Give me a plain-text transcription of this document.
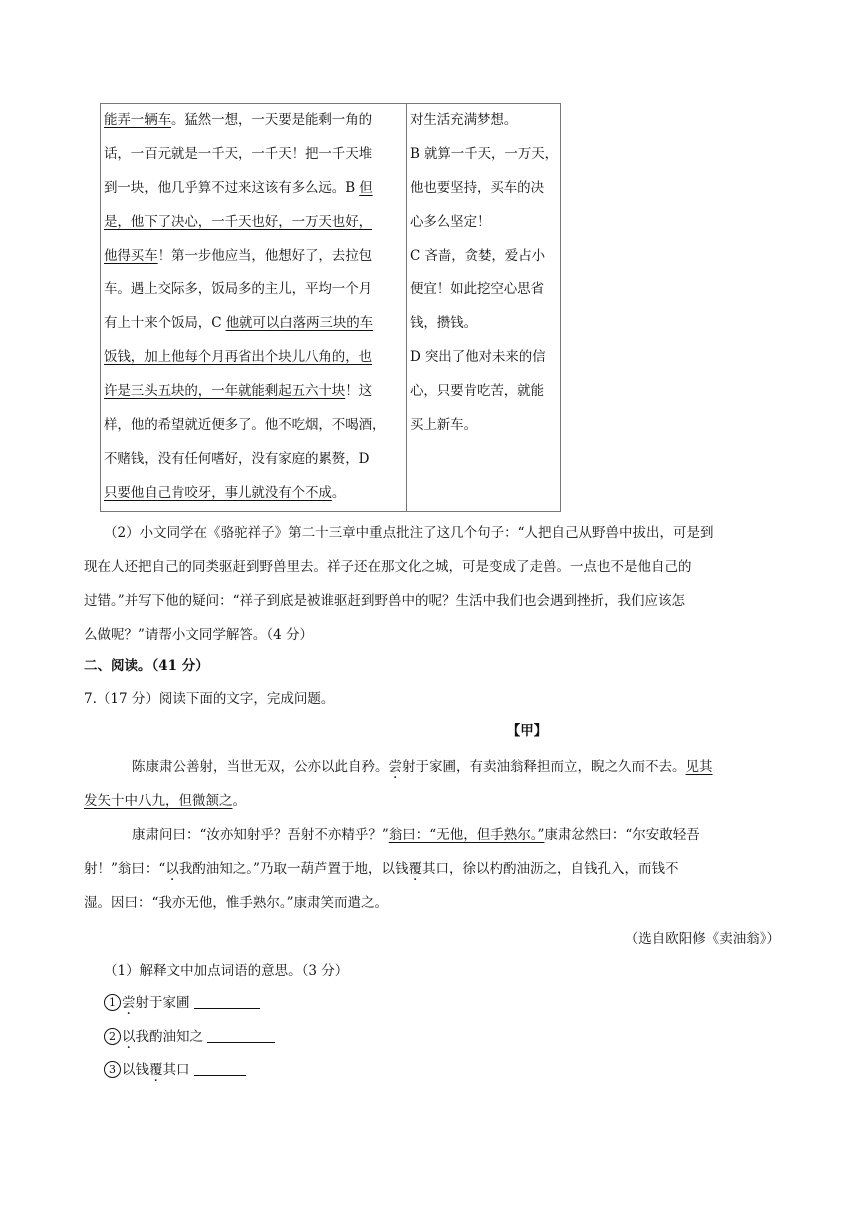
能弄一辆车。猛然一想，一天要是能剩一角的
话，一百元就是一千天，一千天！把一千天堆
到一块，他几乎算不过来这该有多么远。B 但
是，他下了决心，一千天也好，一万天也好，
他得买车！第一步他应当，他想好了，去拉包
车。遇上交际多，饭局多的主儿，平均一个月
有上十来个饭局，C 他就可以白落两三块的车
饭钱，加上他每个月再省出个块儿八角的，也
许是三头五块的，一年就能剩起五六十块！这
样，他的希望就近便多了。他不吃烟，不喝酒，
不赌钱，没有任何嗜好，没有家庭的累赘，D
只要他自己肯咬牙，事儿就没有个不成。
对生活充满梦想。
B 就算一千天，一万天，
他也要坚持，买车的决
心多么坚定！
C 吝啬，贪婪，爱占小
便宜！如此挖空心思省
钱，攒钱。
D 突出了他对未来的信
心，只要肯吃苦，就能
买上新车。
（2）小文同学在《骆驼祥子》第二十三章中重点批注了这几个句子：“人把自己从野兽中拔出，可是到
现在人还把自己的同类驱赶到野兽里去。祥子还在那文化之城，可是变成了走兽。一点也不是他自己的
过错。”并写下他的疑问：“祥子到底是被谁驱赶到野兽中的呢？生活中我们也会遇到挫折，我们应该怎
么做呢？”请帮小文同学解答。（4 分）
二、阅读。（41 分）
7.（17 分）阅读下面的文字，完成问题。
【甲】
陈康肃公善射，当世无双，公亦以此自矜。尝射于家圃，有卖油翁释担而立，睨之久而不去。见其
发矢十中八九，但微颔之。
康肃问曰：“汝亦知射乎？吾射不亦精乎？”翁曰：“无他，但手熟尔。”康肃忿然曰：“尔安敢轻吾
射！”翁曰：“以我酌油知之。”乃取一葫芦置于地，以钱覆其口，徐以杓酌油沥之，自钱孔入，而钱不
湿。因曰：“我亦无他，惟手熟尔。”康肃笑而遣之。
（选自欧阳修《卖油翁》）
（1）解释文中加点词语的意思。（3 分）
1 尝射于家圃
2 以我酌油知之
3 以钱覆其口
